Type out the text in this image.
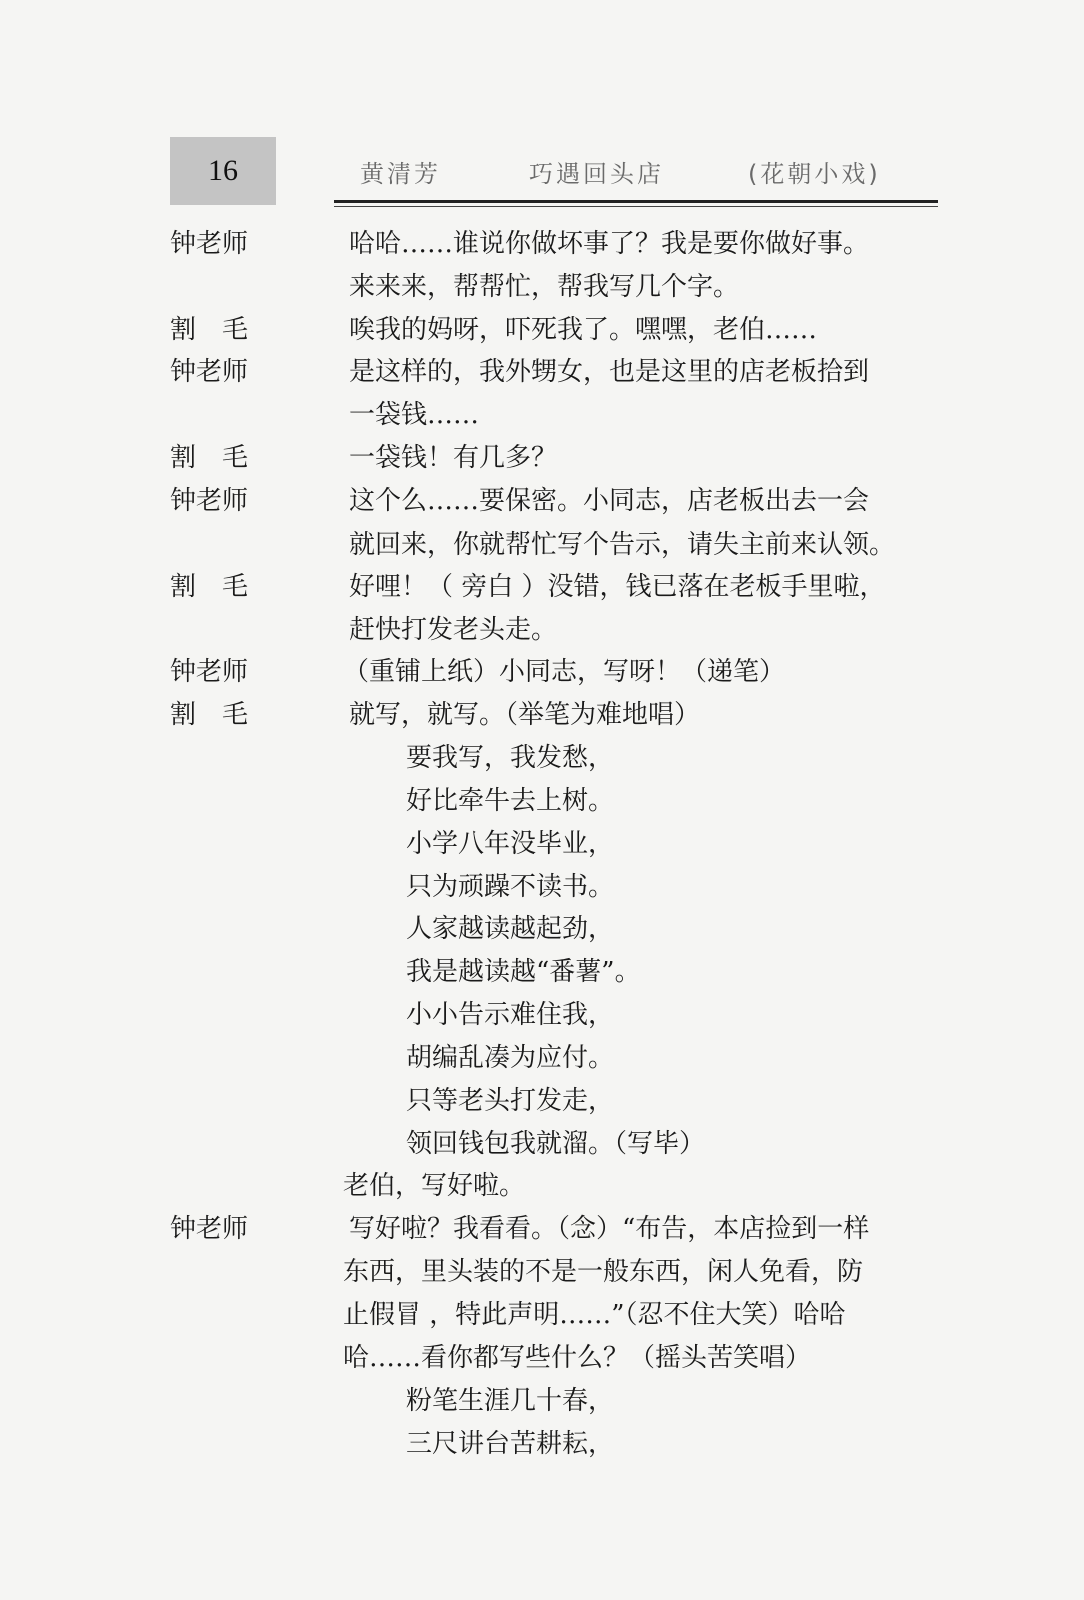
16	黄清芳	巧遇回头店	(花朝小戏)
钟老师	哈哈……谁说你做坏事了？我是要你做好事。
来来来，帮帮忙，帮我写几个字。
割　毛	唉我的妈呀，吓死我了。嘿嘿，老伯……
钟老师	是这样的，我外甥女，也是这里的店老板拾到
一袋钱……
割　毛	一袋钱！有几多？
钟老师	这个么……要保密。小同志，店老板出去一会
就回来，你就帮忙写个告示，请失主前来认领。
割　毛	好哩！（ 旁白 ）没错，钱已落在老板手里啦，
赶快打发老头走。
钟老师	（重铺上纸）小同志，写呀！（递笔）
割　毛	就写，就写。（举笔为难地唱）
要我写，我发愁，
好比牵牛去上树。
小学八年没毕业，
只为顽躁不读书。
人家越读越起劲，
我是越读越“番薯”。
小小告示难住我，
胡编乱凑为应付。
只等老头打发走，
领回钱包我就溜。（写毕）
老伯，写好啦。
钟老师	写好啦？我看看。（念）“布告，本店捡到一样
东西，里头装的不是一般东西，闲人免看，防
止假冒 ，特此声明……”（忍不住大笑）哈哈
哈……看你都写些什么？（摇头苦笑唱）
粉笔生涯几十春，
三尺讲台苦耕耘，
